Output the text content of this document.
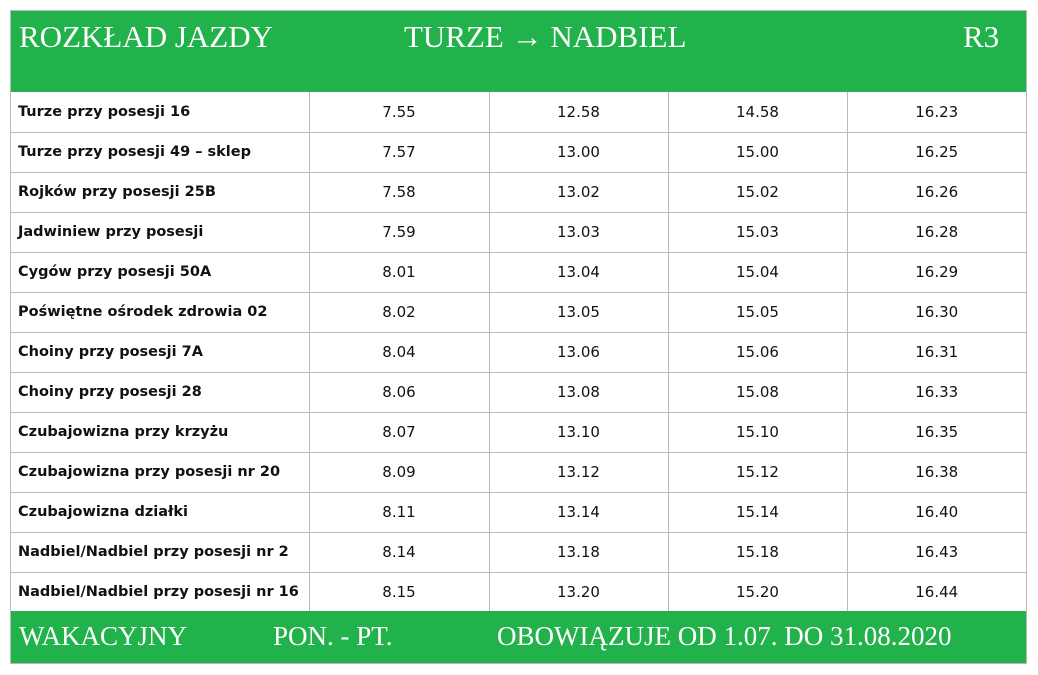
ROZKŁAD JAZDY	TURZE → NADBIEL	R3
Turze przy posesji 16	7.55	12.58	14.58	16.23
Turze przy posesji 49 – sklep	7.57	13.00	15.00	16.25
Rojków przy posesji 25B	7.58	13.02	15.02	16.26
Jadwiniew przy posesji	7.59	13.03	15.03	16.28
Cygów przy posesji 50A	8.01	13.04	15.04	16.29
Poświętne ośrodek zdrowia 02	8.02	13.05	15.05	16.30
Choiny przy posesji 7A	8.04	13.06	15.06	16.31
Choiny przy posesji 28	8.06	13.08	15.08	16.33
Czubajowizna przy krzyżu	8.07	13.10	15.10	16.35
Czubajowizna przy posesji nr 20	8.09	13.12	15.12	16.38
Czubajowizna działki	8.11	13.14	15.14	16.40
Nadbiel/Nadbiel przy posesji nr 2	8.14	13.18	15.18	16.43
Nadbiel/Nadbiel przy posesji nr 16	8.15	13.20	15.20	16.44
WAKACYJNY	PON. - PT.	OBOWIĄZUJE OD 1.07. DO 31.08.2020
